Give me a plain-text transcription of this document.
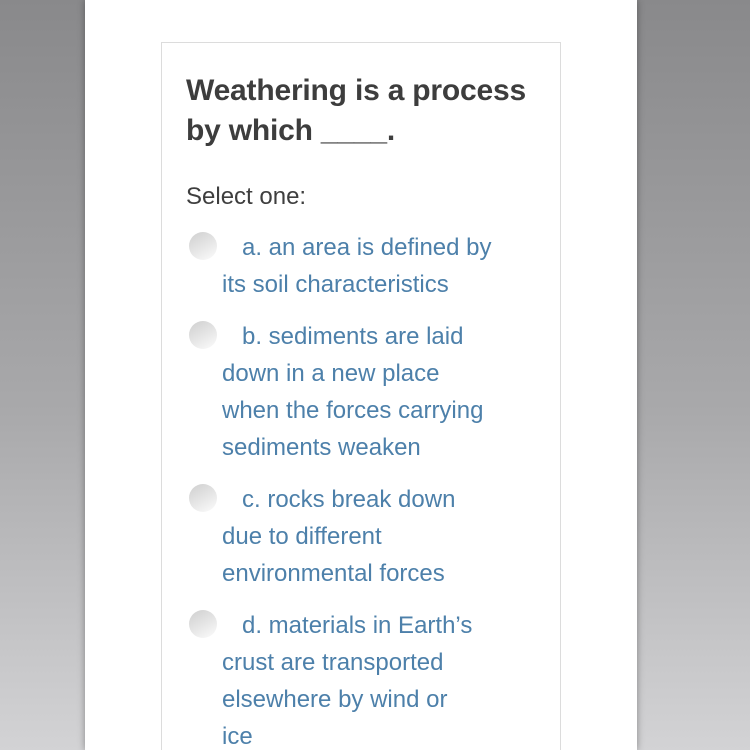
Weathering is a process by which ____.
Select one:
a. an area is defined by
its soil characteristics
b. sediments are laid
down in a new place
when the forces carrying
sediments weaken
c. rocks break down
due to different
environmental forces
d. materials in Earth’s
crust are transported
elsewhere by wind or
ice
